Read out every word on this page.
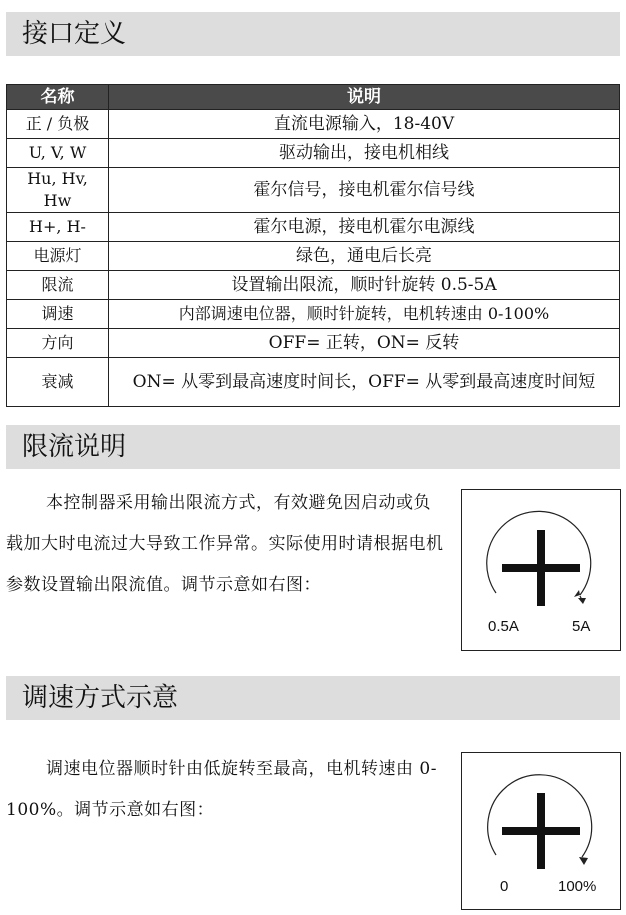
接口定义
名称	说明
正 / 负极	直流电源输入，18-40V
U, V, W	驱动输出，接电机相线
Hu, Hv, Hw	霍尔信号，接电机霍尔信号线
H+, H-	霍尔电源，接电机霍尔电源线
电源灯	绿色，通电后长亮
限流	设置输出限流，顺时针旋转 0.5-5A
调速	内部调速电位器，顺时针旋转，电机转速由 0-100%
方向	OFF= 正转，ON= 反转
衰减	ON= 从零到最高速度时间长，OFF= 从零到最高速度时间短
限流说明
本控制器采用输出限流方式，有效避免因启动或负载加大时电流过大导致工作异常。实际使用时请根据电机参数设置输出限流值。调节示意如右图：
0.5A	5A
调速方式示意
调速电位器顺时针由低旋转至最高，电机转速由 0-100%。调节示意如右图：
0	100%
